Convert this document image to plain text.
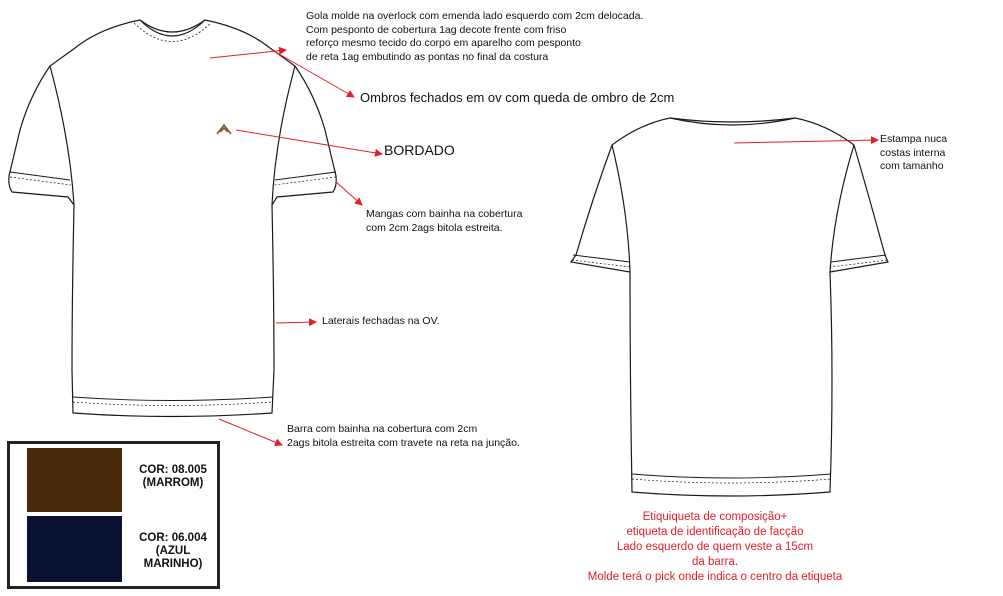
Gola molde na overlock com emenda lado esquerdo com 2cm delocada.
Com pesponto de cobertura 1ag decote frente com friso
reforço mesmo tecido do corpo em aparelho com pesponto
de reta 1ag embutindo as pontas no final da costura
Ombros fechados em ov com queda de ombro de 2cm
BORDADO
Mangas com bainha na cobertura
com 2cm 2ags bitola estreita.
Laterais fechadas na OV.
Barra com bainha na cobertura com 2cm
2ags bitola estreita com travete na reta na junção.
Estampa nuca
costas interna
com tamanho
Etiquiqueta de composição+
etiqueta de identificação de facção
Lado esquerdo de quem veste a 15cm
da barra.
Molde terá o pick onde indica o centro da etiqueta
COR: 08.005
(MARROM)
COR: 06.004
(AZUL
MARINHO)
